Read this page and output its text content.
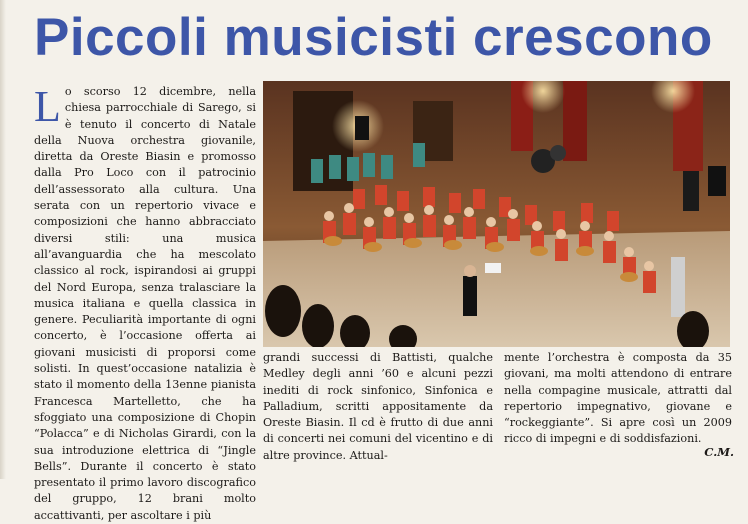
Piccoli musicisti crescono
L o scorso 12 dicembre, nella chiesa parrocchiale di Sarego, si è tenuto il concerto di Natale della Nuova orchestra giovanile, diretta da Oreste Biasin e promosso dalla Pro Loco con il patrocinio dell’assessorato alla cultura. Una serata con un repertorio vivace e composizioni che hanno abbracciato diversi stili: una musica all’avanguardia che ha mescolato classico al rock, ispirandosi ai gruppi del Nord Europa, senza tralasciare la musica italiana e quella classica in genere. Peculiarità importante di ogni concerto, è l’occasione offerta ai giovani musicisti di proporsi come solisti. In quest’occasione natalizia è stato il momento della 13enne pianista Francesca Martelletto, che ha sfoggiato una composizione di Chopin “Polacca” e di Nicholas Girardi, con la sua introduzione elettrica di “Jingle Bells”. Durante il concerto è stato presentato il primo lavoro discografico del gruppo, 12 brani molto accattivanti, per ascoltare i più

grandi successi di Battisti, qualche Medley degli anni ’60 e alcuni pezzi inediti di rock sinfonico, Sinfonica e Palladium, scritti appositamente da Oreste Biasin. Il cd è frutto di due anni di concerti nei comuni del vicentino e di altre province. Attual-
mente l’orchestra è composta da 35 giovani, ma molti attendono di entrare nella compagine musicale, attratti dal repertorio impegnativo, giovane e “rockeggiante”. Si apre così un 2009 ricco di impegni e di soddisfazioni.
C.M.
